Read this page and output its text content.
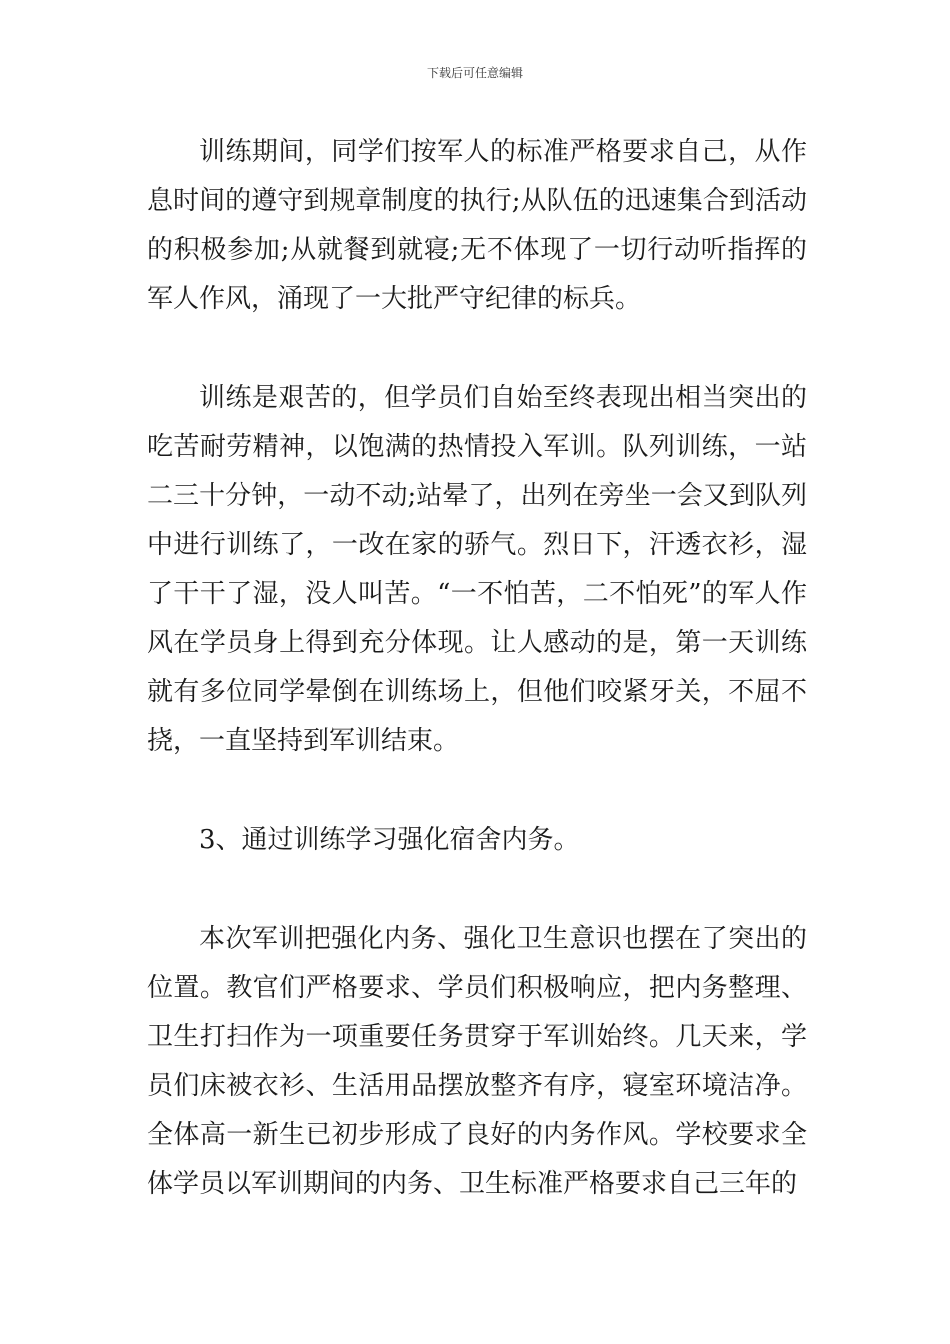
下载后可任意编辑

训练期间，同学们按军人的标准严格要求自己，从作息时间的遵守到规章制度的执行;从队伍的迅速集合到活动的积极参加;从就餐到就寝;无不体现了一切行动听指挥的军人作风，涌现了一大批严守纪律的标兵。

训练是艰苦的，但学员们自始至终表现出相当突出的吃苦耐劳精神，以饱满的热情投入军训。队列训练，一站二三十分钟，一动不动;站晕了，出列在旁坐一会又到队列中进行训练了，一改在家的骄气。烈日下，汗透衣衫，湿了干干了湿，没人叫苦。“一不怕苦，二不怕死”的军人作风在学员身上得到充分体现。让人感动的是，第一天训练就有多位同学晕倒在训练场上，但他们咬紧牙关，不屈不挠，一直坚持到军训结束。

3、通过训练学习强化宿舍内务。

本次军训把强化内务、强化卫生意识也摆在了突出的位置。教官们严格要求、学员们积极响应，把内务整理、卫生打扫作为一项重要任务贯穿于军训始终。几天来，学员们床被衣衫、生活用品摆放整齐有序，寝室环境洁净。全体高一新生已初步形成了良好的内务作风。学校要求全体学员以军训期间的内务、卫生标准严格要求自己三年的
